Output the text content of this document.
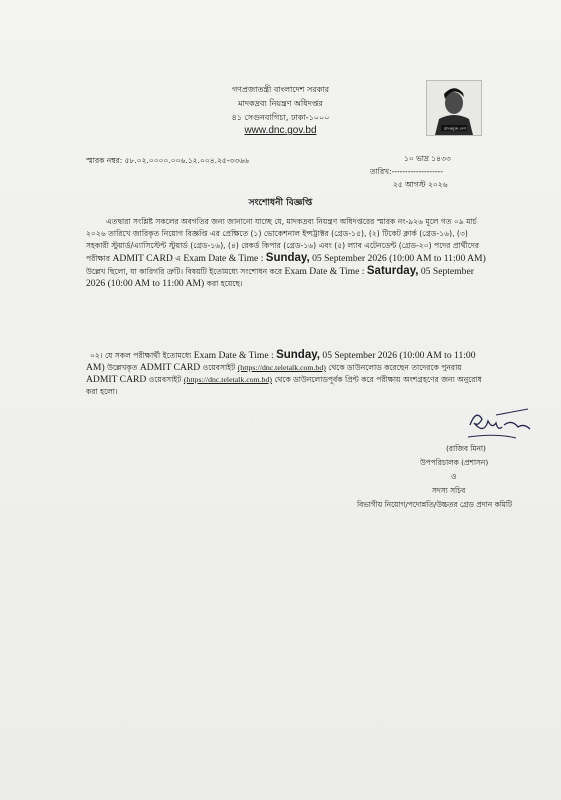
গণপ্রজাতন্ত্রী বাংলাদেশ সরকার
মাদকদ্রব্য নিয়ন্ত্রণ অধিদপ্তর
৪১ সেগুনবাগিচা, ঢাকা-১০০০
www.dnc.gov.bd	মাদকমুক্ত দেশ
স্মারক নম্বর: ৫৮.০২.০০০০.০০৬.১২.০০৪.২৫-৩৩৬৬	১০ ভাদ্র ১৪৩৩
তারিখ:-------------------
২৫ আগস্ট ২০২৬
সংশোধনী বিজ্ঞপ্তি
এতদ্বারা সংশ্লিষ্ট সকলের অবগতির জন্য জানানো যাচ্ছে যে, মাদকদ্রব্য নিয়ন্ত্রণ অধিদপ্তরের স্মারক নং-৯২৬ মূলে গত ০৯ মার্চ ২০২৬ তারিখে জারিকৃত নিয়োগ বিজ্ঞপ্তি এর প্রেক্ষিতে (১) ভোকেশনাল ইন্সট্রাক্টর (গ্রেড-১৫), (২) টিকেট ক্লার্ক (গ্রেড-১৬), (৩) সহকারী স্টুয়ার্ড/এ্যাসিস্টেন্ট স্টুয়ার্ড (গ্রেড-১৬), (৪) রেকর্ড কিপার (গ্রেড-১৬) এবং (৫) ল্যাব এটেনডেন্ট (গ্রেড-২০) পদের প্রার্থীদের পরীক্ষার ADMIT CARD এ Exam Date & Time : Sunday, 05 September 2026 (10:00 AM to 11:00 AM) উল্লেখ ছিলো, যা কারিগরি ত্রুটি। বিষয়টি ইতোমধ্যে সংশোধন করে Exam Date & Time : Saturday, 05 September 2026 (10:00 AM to 11:00 AM) করা হয়েছে।
০২। যে সকল পরীক্ষার্থী ইতোমধ্যে Exam Date & Time : Sunday, 05 September 2026 (10:00 AM to 11:00 AM) উল্লেখকৃত ADMIT CARD ওয়েবসাইট (https://dnc.teletalk.com.bd) থেকে ডাউনলোড করেছেন তাদেরকে পুনরায় ADMIT CARD ওয়েবসাইট (https://dnc.teletalk.com.bd) থেকে ডাউনলোডপূর্বক প্রিন্ট করে পরীক্ষায় অংশগ্রহণের জন্য অনুরোধ করা হলো।
(রাজিব মিনা)
উপপরিচালক (প্রশাসন)
ও
সদস্য সচিব
বিভাগীয় নিয়োগ/পদোন্নতি/উচ্চতর গ্রেড প্রদান কমিটি
